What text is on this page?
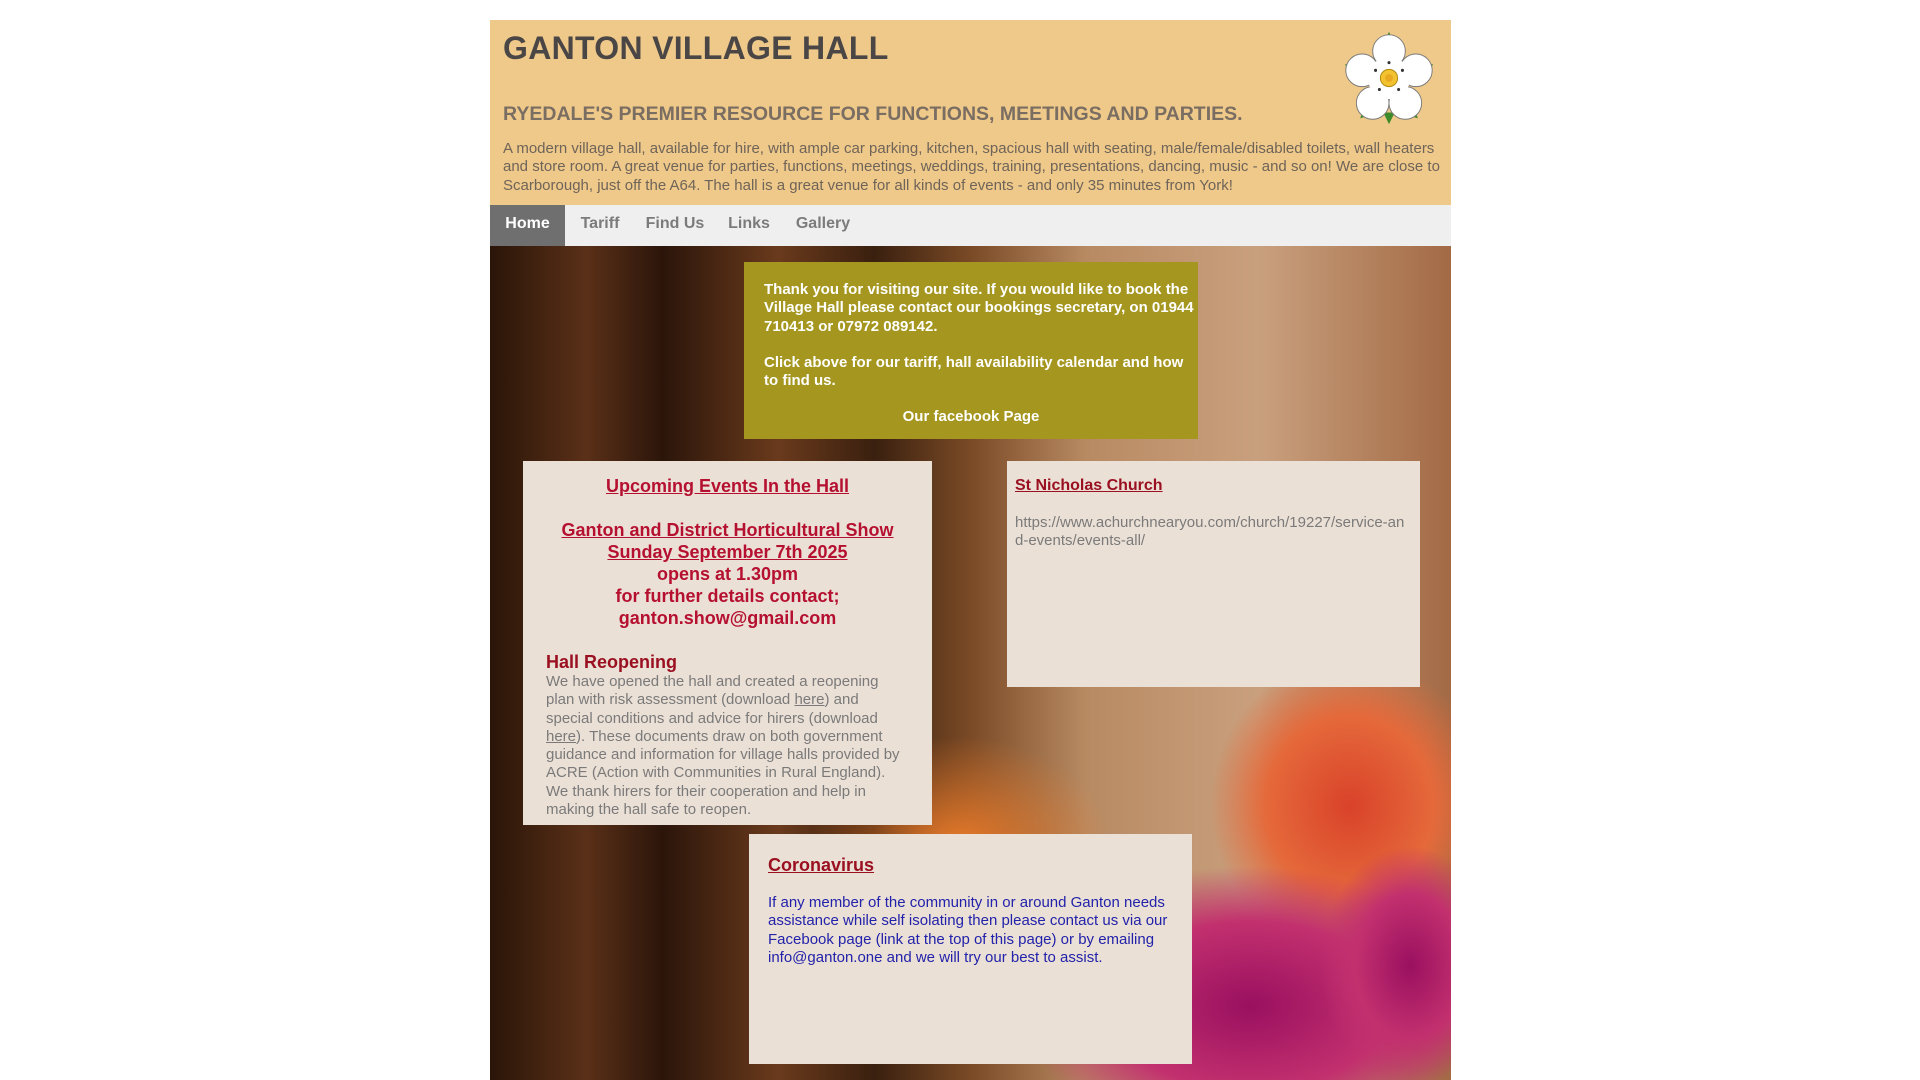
GANTON VILLAGE HALL
RYEDALE'S PREMIER RESOURCE FOR FUNCTIONS, MEETINGS AND PARTIES.

A modern village hall, available for hire, with ample car parking, kitchen, spacious hall with seating, male/female/disabled toilets, wall heaters and store room. A great venue for parties, functions, meetings, weddings, training, presentations, dancing, music - and so on! We are close to Scarborough, just off the A64. The hall is a great venue for all kinds of events - and only 35 minutes from York!

Home	Tariff	Find Us	Links	Gallery

Thank you for visiting our site. If you would like to book the Village Hall please contact our bookings secretary, on 01944 710413 or 07972 089142.

Click above for our tariff, hall availability calendar and how to find us.

Our facebook Page

Upcoming Events In the Hall

Ganton and District Horticultural Show

Sunday September 7th 2025

opens at 1.30pm

for further details contact;

ganton.show@gmail.com

Hall Reopening

We have opened the hall and created a reopening plan with risk assessment (download here) and special conditions and advice for hirers (download here). These documents draw on both government guidance and information for village halls provided by ACRE (Action with Communities in Rural England). We thank hirers for their cooperation and help in making the hall safe to reopen.

St Nicholas Church

https://www.achurchnearyou.com/church/19227/service-and-events/events-all/

Coronavirus

If any member of the community in or around Ganton needs assistance while self isolating then please contact us via our Facebook page (link at the top of this page) or by emailing info@ganton.one and we will try our best to assist.
